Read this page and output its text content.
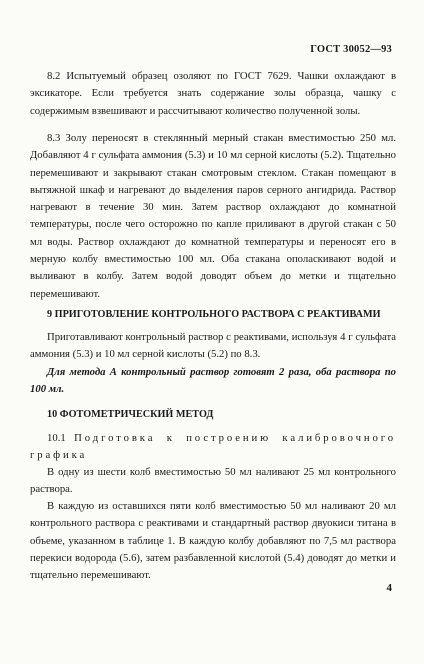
ГОСТ 30052—93
8.2 Испытуемый образец озоляют по ГОСТ 7629. Чашки охлаждают в эксикаторе. Если требуется знать содержание золы образца, чашку с содержимым взвешивают и рассчитывают количество полученной золы.
8.3 Золу переносят в стеклянный мерный стакан вместимостью 250 мл. Добавляют 4 г сульфата аммония (5.3) и 10 мл серной кислоты (5.2). Тщательно перемешивают и закрывают стакан смотровым стеклом. Стакан помещают в вытяжной шкаф и нагревают до выделения паров серного ангидрида. Раствор нагревают в течение 30 мин. Затем раствор охлаждают до комнатной температуры, после чего осторожно по капле приливают в другой стакан с 50 мл воды. Раствор охлаждают до комнатной температуры и переносят его в мерную колбу вместимостью 100 мл. Оба стакана ополаскивают водой и выливают в колбу. Затем водой доводят объем до метки и тщательно перемешивают.
9 ПРИГОТОВЛЕНИЕ КОНТРОЛЬНОГО РАСТВОРА С РЕАКТИВАМИ
Приготавливают контрольный раствор с реактивами, используя 4 г сульфата аммония (5.3) и 10 мл серной кислоты (5.2) по 8.3.
Для метода А контрольный раствор готовят 2 раза, оба раствора по 100 мл.
10 ФОТОМЕТРИЧЕСКИЙ МЕТОД
10.1 Подготовка к построению калибровочного графика
В одну из шести колб вместимостью 50 мл наливают 25 мл контрольного раствора.
В каждую из оставшихся пяти колб вместимостью 50 мл наливают 20 мл контрольного раствора с реактивами и стандартный раствор двуокиси титана в объеме, указанном в таблице 1. В каждую колбу добавляют по 7,5 мл раствора перекиси водорода (5.6), затем разбавленной кислотой (5.4) доводят до метки и тщательно перемешивают.
4
